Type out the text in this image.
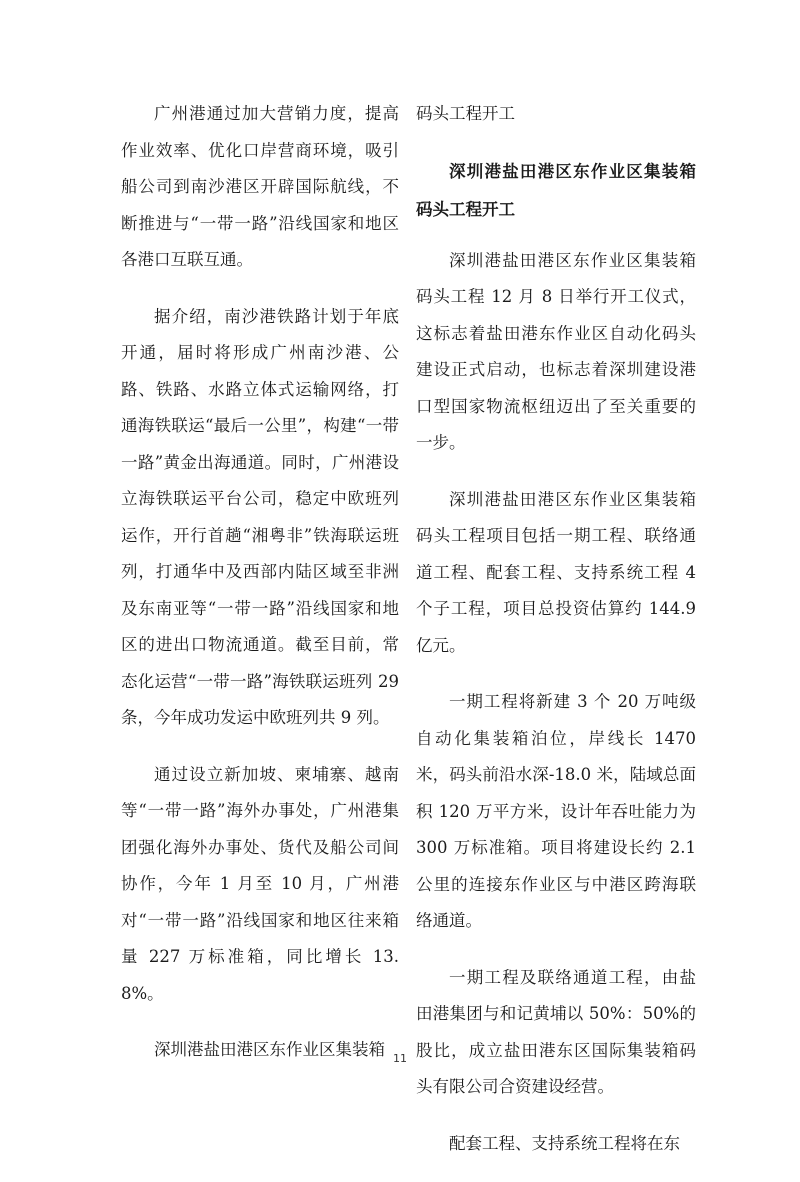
广州港通过加大营销力度，提高作业效率、优化口岸营商环境，吸引船公司到南沙港区开辟国际航线，不断推进与“一带一路”沿线国家和地区各港口互联互通。

据介绍，南沙港铁路计划于年底开通，届时将形成广州南沙港、公路、铁路、水路立体式运输网络，打通海铁联运“最后一公里”，构建“一带一路”黄金出海通道。同时，广州港设立海铁联运平台公司，稳定中欧班列运作，开行首趟“湘粤非”铁海联运班列，打通华中及西部内陆区域至非洲及东南亚等“一带一路”沿线国家和地区的进出口物流通道。截至目前，常态化运营“一带一路”海铁联运班列 29 条，今年成功发运中欧班列共 9 列。

通过设立新加坡、柬埔寨、越南等“一带一路”海外办事处，广州港集团强化海外办事处、货代及船公司间协作，今年 1 月至 10 月，广州港对“一带一路”沿线国家和地区往来箱量 227 万标准箱，同比增长 13.8%。

深圳港盐田港区东作业区集装箱

码头工程开工

深圳港盐田港区东作业区集装箱码头工程开工

深圳港盐田港区东作业区集装箱码头工程 12 月 8 日举行开工仪式，这标志着盐田港东作业区自动化码头建设正式启动，也标志着深圳建设港口型国家物流枢纽迈出了至关重要的一步。

深圳港盐田港区东作业区集装箱码头工程项目包括一期工程、联络通道工程、配套工程、支持系统工程 4 个子工程，项目总投资估算约 144.9 亿元。

一期工程将新建 3 个 20 万吨级自动化集装箱泊位，岸线长 1470 米，码头前沿水深-18.0 米，陆域总面积 120 万平方米，设计年吞吐能力为 300 万标准箱。项目将建设长约 2.1 公里的连接东作业区与中港区跨海联络通道。

一期工程及联络通道工程，由盐田港集团与和记黄埔以 50%：50%的股比，成立盐田港东区国际集装箱码头有限公司合资建设经营。

配套工程、支持系统工程将在东

11
